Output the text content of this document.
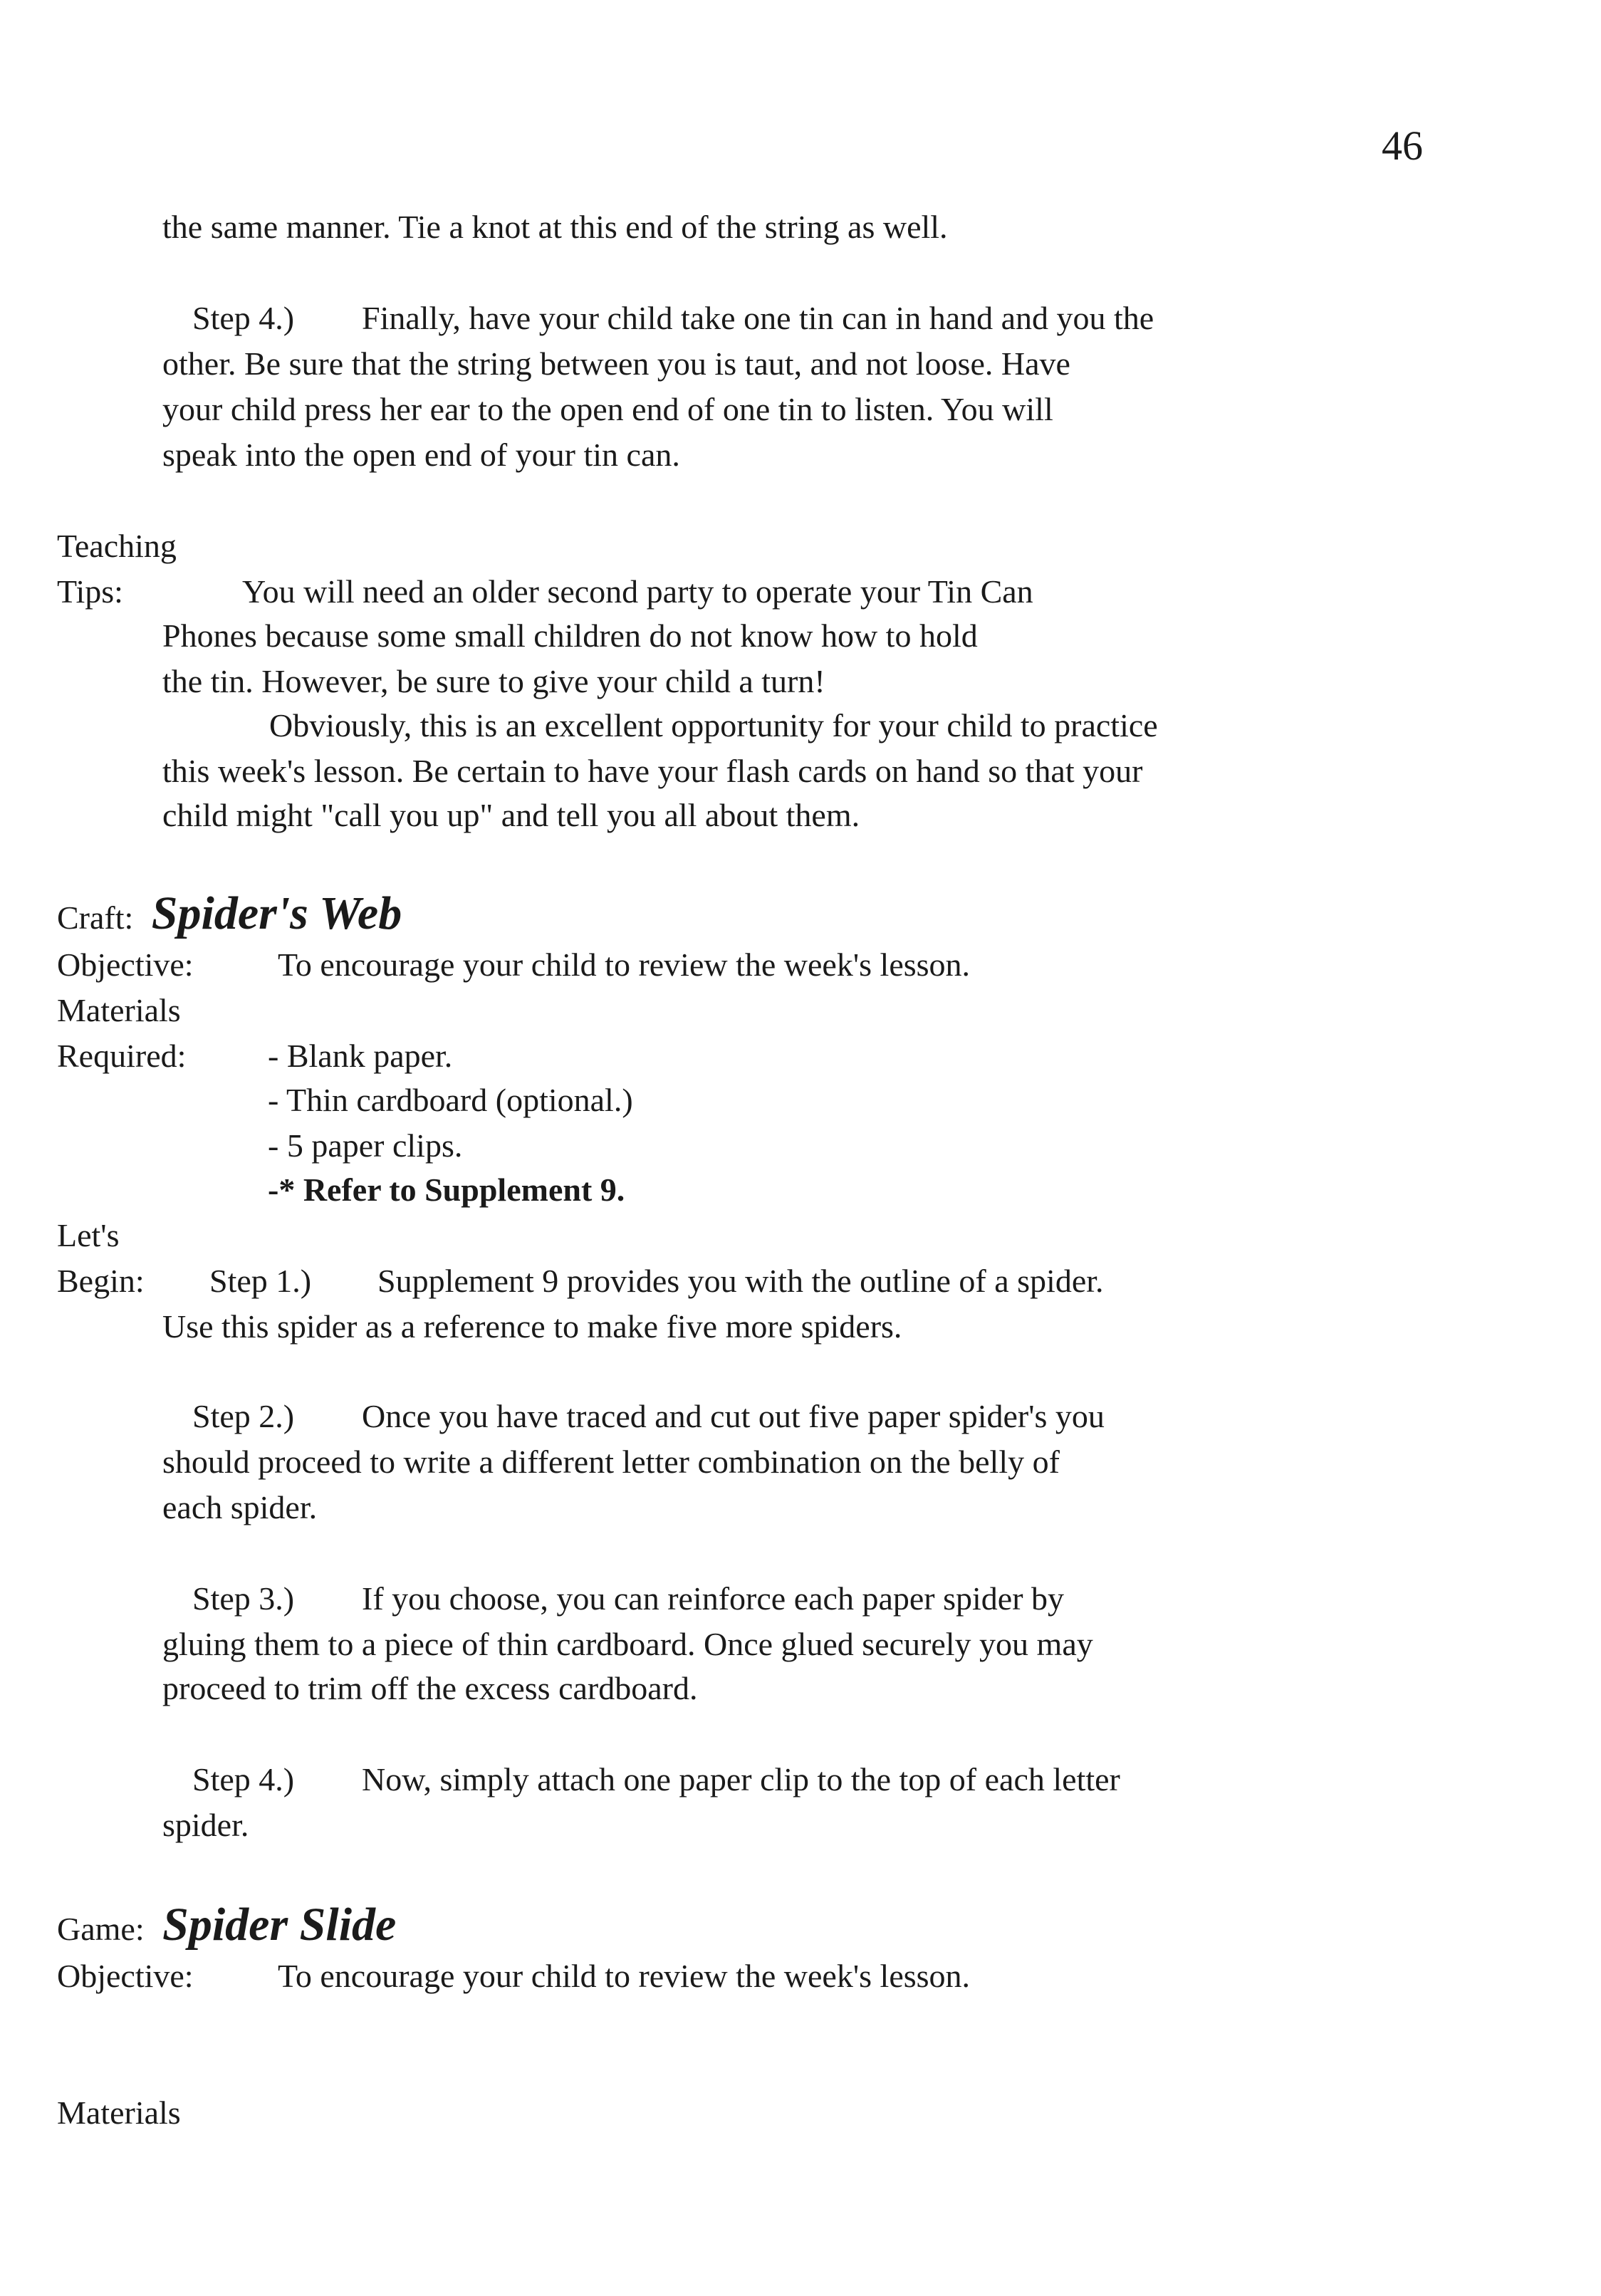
46
the same manner. Tie a knot at this end of the string as well.
Step 4.) Finally, have your child take one tin can in hand and you the
other. Be sure that the string between you is taut, and not loose. Have
your child press her ear to the open end of one tin to listen. You will
speak into the open end of your tin can.
Teaching
Tips:	You will need an older second party to operate your Tin Can
Phones because some small children do not know how to hold
the tin. However, be sure to give your child a turn!
Obviously, this is an excellent opportunity for your child to practice
this week's lesson. Be certain to have your flash cards on hand so that your
child might "call you up" and tell you all about them.
Craft: Spider's Web
Objective:	To encourage your child to review the week's lesson.
Materials
Required: - Blank paper.
- Thin cardboard (optional.)
- 5 paper clips.
-* Refer to Supplement 9.
Let's
Begin: Step 1.) Supplement 9 provides you with the outline of a spider.
Use this spider as a reference to make five more spiders.
Step 2.) Once you have traced and cut out five paper spider's you
should proceed to write a different letter combination on the belly of
each spider.
Step 3.) If you choose, you can reinforce each paper spider by
gluing them to a piece of thin cardboard. Once glued securely you may
proceed to trim off the excess cardboard.
Step 4.) Now, simply attach one paper clip to the top of each letter
spider.
Game: Spider Slide
Objective:	To encourage your child to review the week's lesson.
Materials
